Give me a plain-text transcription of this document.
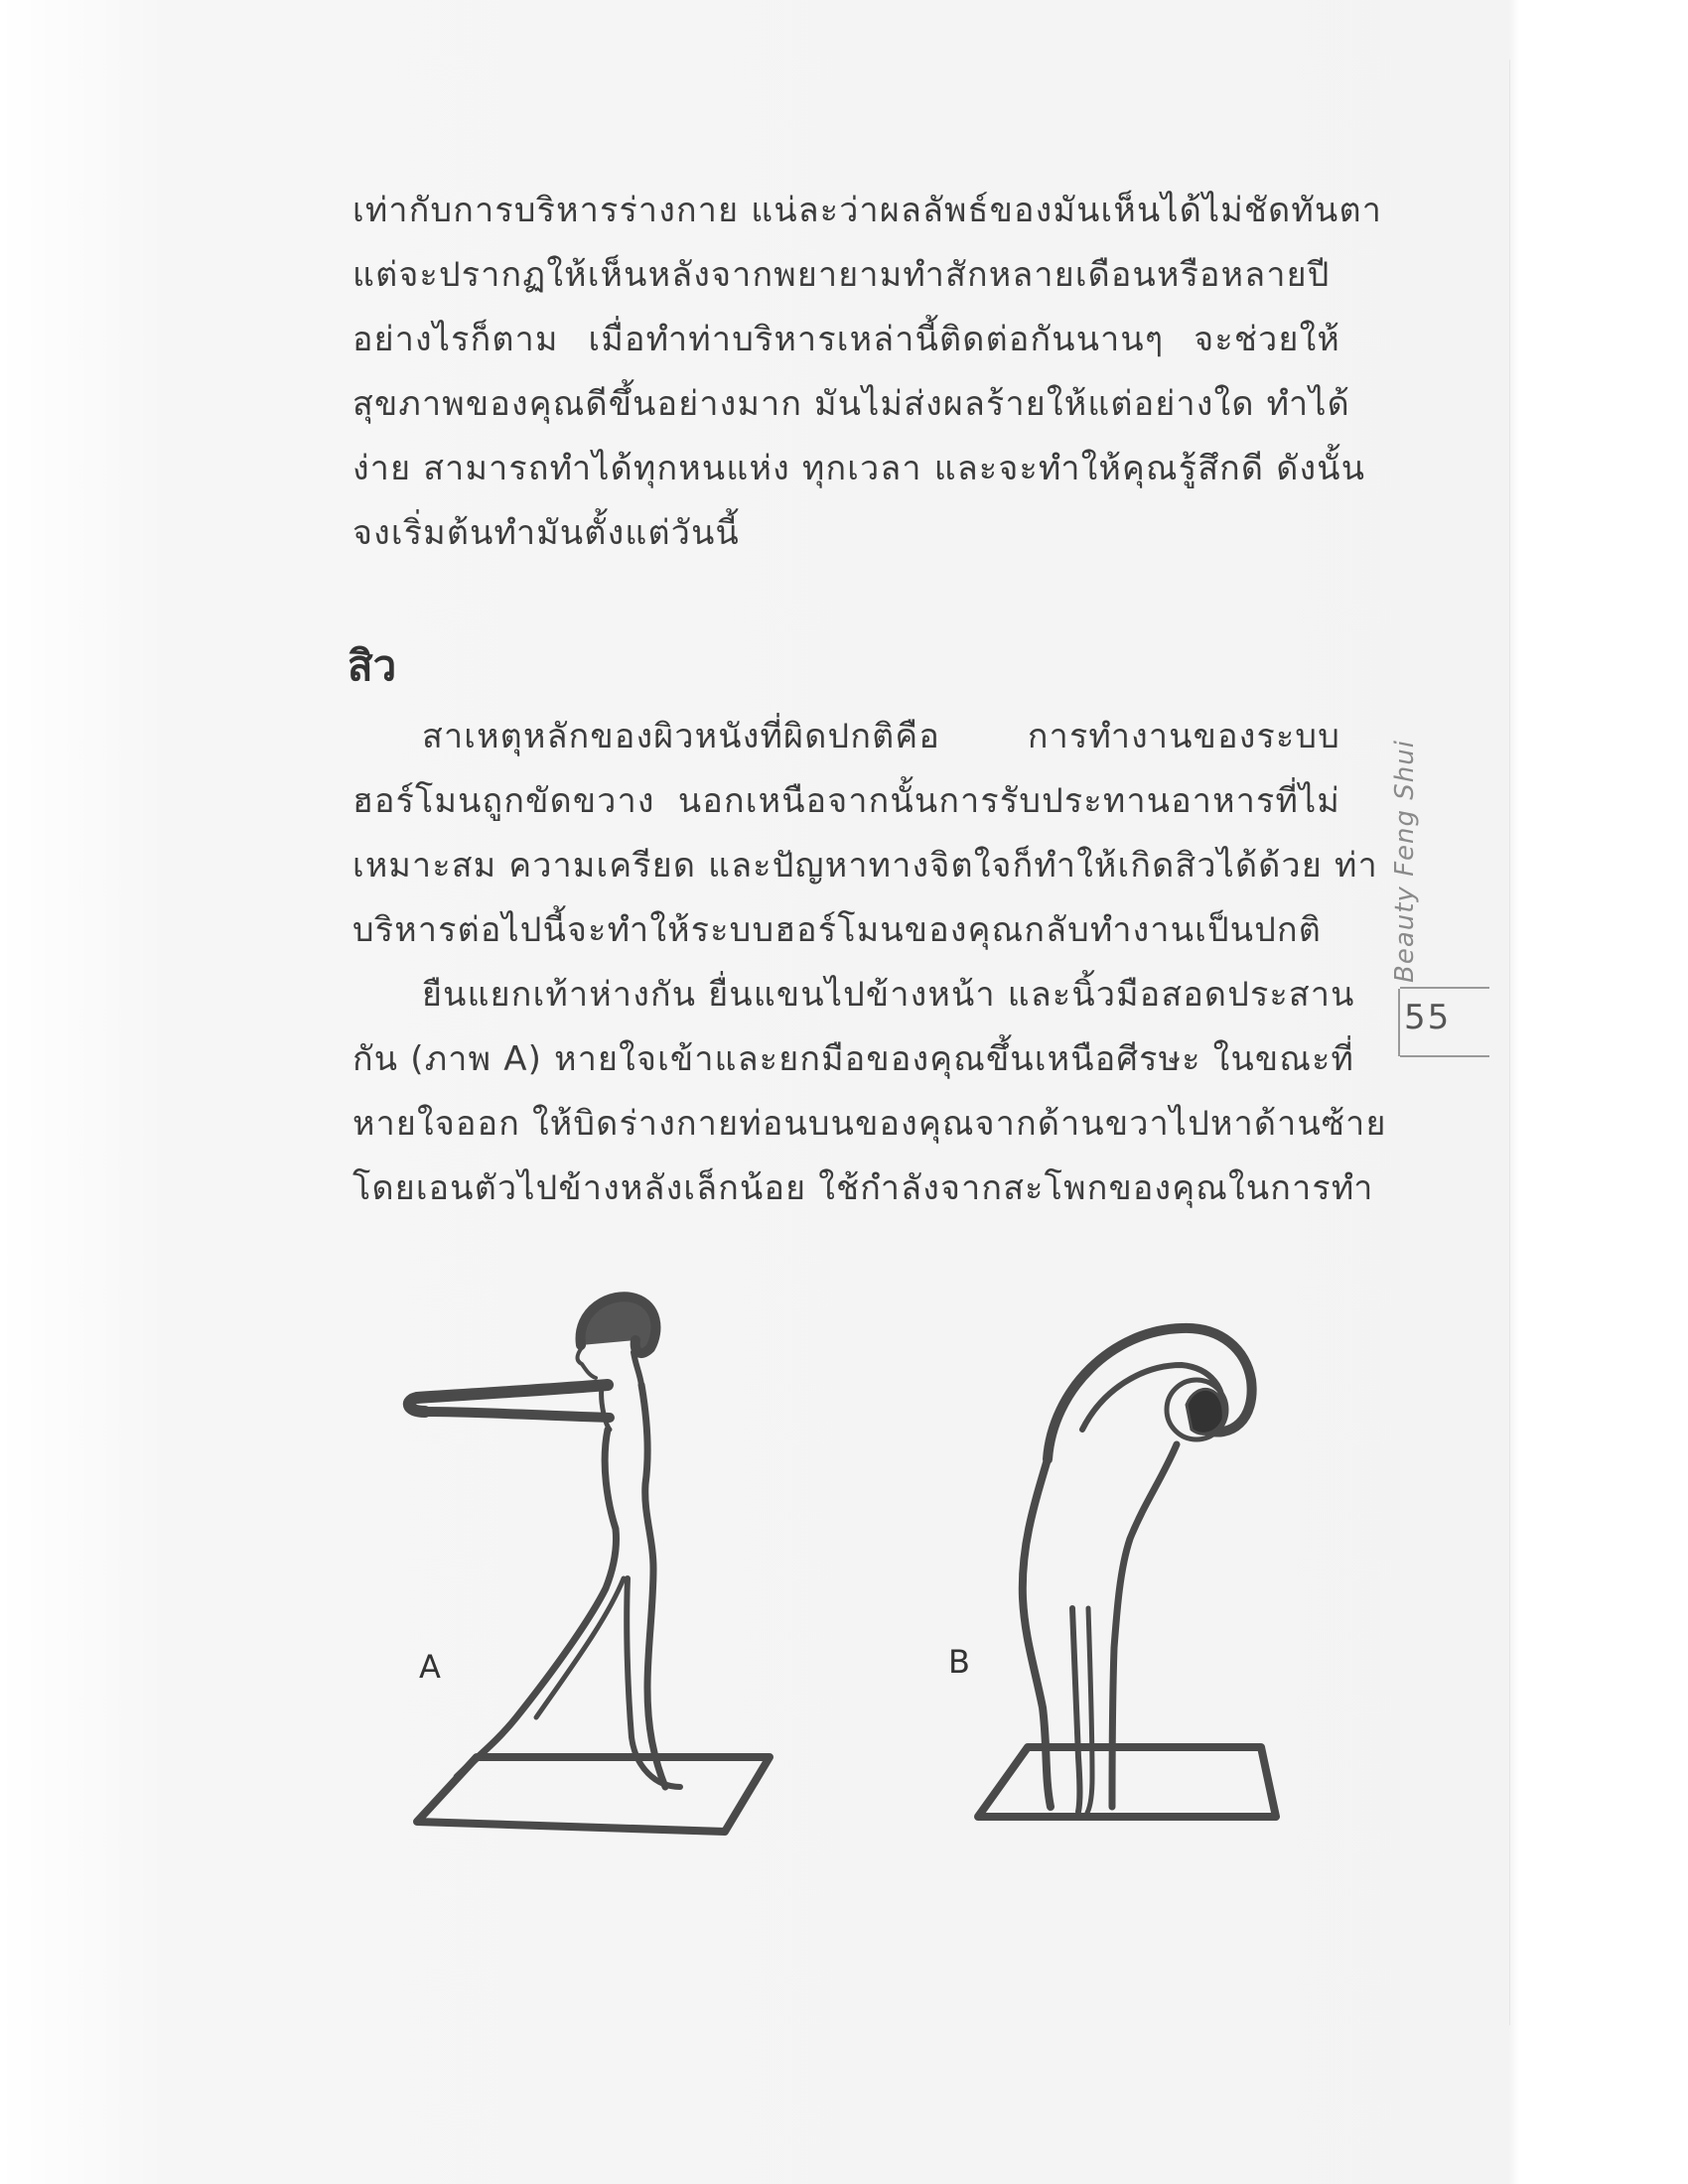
เท่ากับการบริหารร่างกาย แน่ละว่าผลลัพธ์ของมันเห็นได้ไม่ชัดทันตา
แต่จะปรากฏให้เห็นหลังจากพยายามทำสักหลายเดือนหรือหลายปี
อย่างไรก็ตาม เมื่อทำท่าบริหารเหล่านี้ติดต่อกันนานๆ จะช่วยให้
สุขภาพของคุณดีขึ้นอย่างมาก มันไม่ส่งผลร้ายให้แต่อย่างใด ทำได้
ง่าย สามารถทำได้ทุกหนแห่ง ทุกเวลา และจะทำให้คุณรู้สึกดี ดังนั้น
จงเริ่มต้นทำมันตั้งแต่วันนี้
สิว
สาเหตุหลักของผิวหนังที่ผิดปกติคือ การทำงานของระบบ
ฮอร์โมนถูกขัดขวาง นอกเหนือจากนั้นการรับประทานอาหารที่ไม่
เหมาะสม ความเครียด และปัญหาทางจิตใจก็ทำให้เกิดสิวได้ด้วย ท่า
บริหารต่อไปนี้จะทำให้ระบบฮอร์โมนของคุณกลับทำงานเป็นปกติ
ยืนแยกเท้าห่างกัน ยื่นแขนไปข้างหน้า และนิ้วมือสอดประสาน
กัน (ภาพ A) หายใจเข้าและยกมือของคุณขึ้นเหนือศีรษะ ในขณะที่
หายใจออก ให้บิดร่างกายท่อนบนของคุณจากด้านขวาไปหาด้านซ้าย
โดยเอนตัวไปข้างหลังเล็กน้อย ใช้กำลังจากสะโพกของคุณในการทำ
Beauty Feng Shui
55
A	B
